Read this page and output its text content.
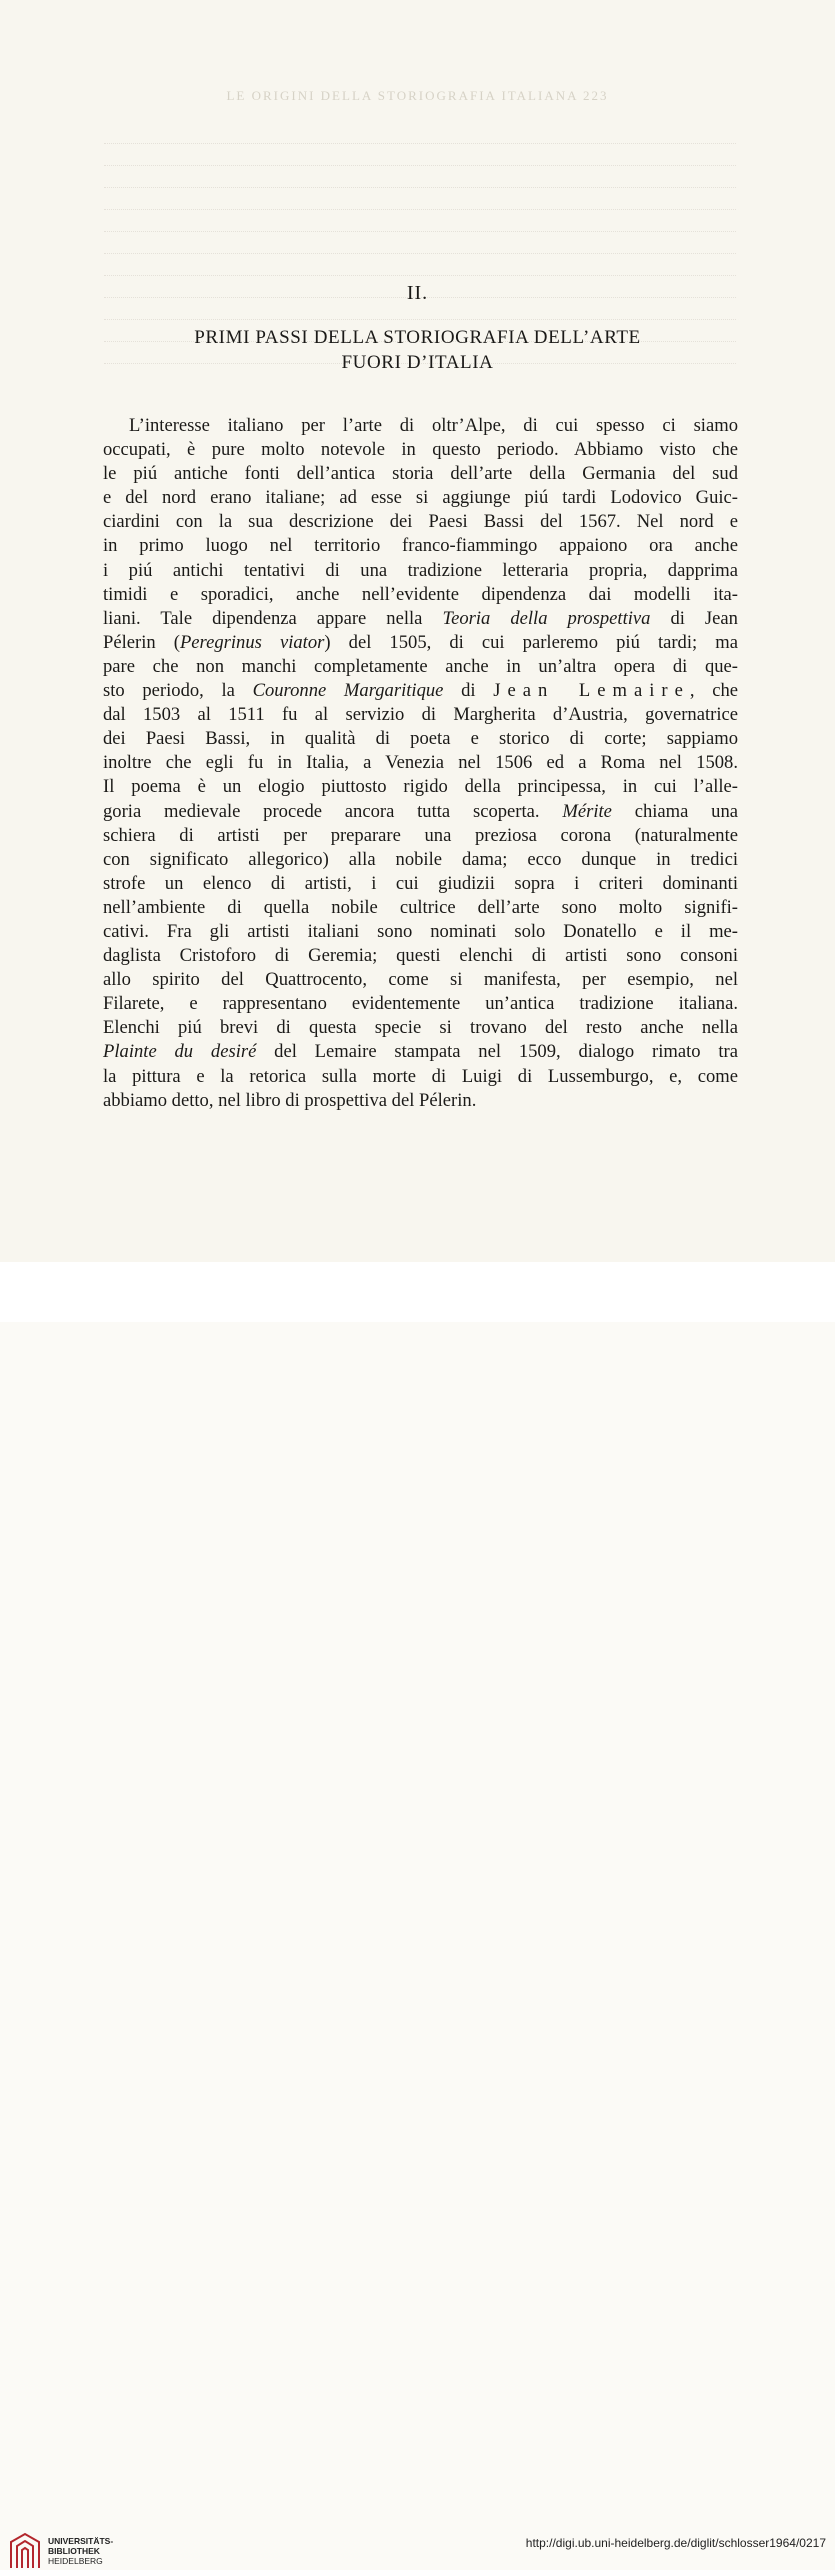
LE ORIGINI DELLA STORIOGRAFIA ITALIANA 223
II.
PRIMI PASSI DELLA STORIOGRAFIA DELL’ARTE
FUORI D’ITALIA
L’interesse italiano per l’arte di oltr’Alpe, di cui spesso ci siamo
occupati, è pure molto notevole in questo periodo. Abbiamo visto che
le piú antiche fonti dell’antica storia dell’arte della Germania del sud
e del nord erano italiane; ad esse si aggiunge piú tardi Lodovico Guic-
ciardini con la sua descrizione dei Paesi Bassi del 1567. Nel nord e
in primo luogo nel territorio franco-fiammingo appaiono ora anche
i piú antichi tentativi di una tradizione letteraria propria, dapprima
timidi e sporadici, anche nell’evidente dipendenza dai modelli ita-
liani. Tale dipendenza appare nella Teoria della prospettiva di Jean
Pélerin (Peregrinus viator) del 1505, di cui parleremo piú tardi; ma
pare che non manchi completamente anche in un’altra opera di que-
sto periodo, la Couronne Margaritique di Jean Lemaire, che
dal 1503 al 1511 fu al servizio di Margherita d’Austria, governatrice
dei Paesi Bassi, in qualità di poeta e storico di corte; sappiamo
inoltre che egli fu in Italia, a Venezia nel 1506 ed a Roma nel 1508.
Il poema è un elogio piuttosto rigido della principessa, in cui l’alle-
goria medievale procede ancora tutta scoperta. Mérite chiama una
schiera di artisti per preparare una preziosa corona (naturalmente
con significato allegorico) alla nobile dama; ecco dunque in tredici
strofe un elenco di artisti, i cui giudizii sopra i criteri dominanti
nell’ambiente di quella nobile cultrice dell’arte sono molto signifi-
cativi. Fra gli artisti italiani sono nominati solo Donatello e il me-
daglista Cristoforo di Geremia; questi elenchi di artisti sono consoni
allo spirito del Quattrocento, come si manifesta, per esempio, nel
Filarete, e rappresentano evidentemente un’antica tradizione italiana.
Elenchi piú brevi di questa specie si trovano del resto anche nella
Plainte du desiré del Lemaire stampata nel 1509, dialogo rimato tra
la pittura e la retorica sulla morte di Luigi di Lussemburgo, e, come
abbiamo detto, nel libro di prospettiva del Pélerin.
UNIVERSITÄTS-
BIBLIOTHEK
HEIDELBERG
http://digi.ub.uni-heidelberg.de/diglit/schlosser1964/0217
